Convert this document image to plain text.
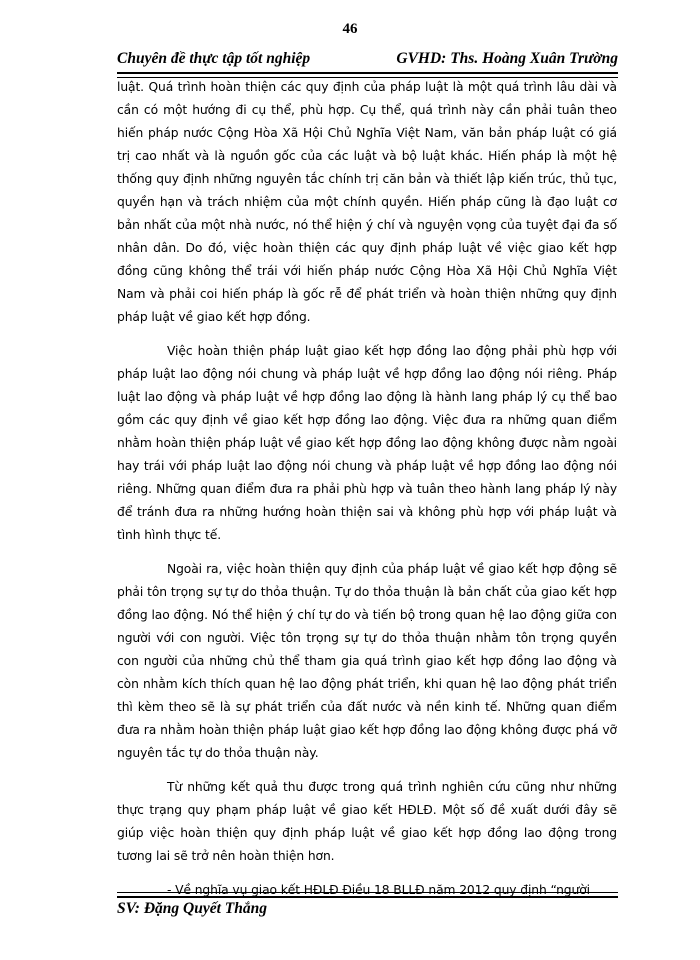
46
Chuyên đề thực tập tốt nghiệp	GVHD: Ths. Hoàng Xuân Trường

luật. Quá trình hoàn thiện các quy định của pháp luật là một quá trình lâu dài và cần có một hướng đi cụ thể, phù hợp. Cụ thể, quá trình này cần phải tuân theo hiến pháp nước Cộng Hòa Xã Hội Chủ Nghĩa Việt Nam, văn bản pháp luật có giá trị cao nhất và là nguồn gốc của các luật và bộ luật khác. Hiến pháp là một hệ thống quy định những nguyên tắc chính trị căn bản và thiết lập kiến trúc, thủ tục, quyền hạn và trách nhiệm của một chính quyền. Hiến pháp cũng là đạo luật cơ bản nhất của một nhà nước, nó thể hiện ý chí và nguyện vọng của tuyệt đại đa số nhân dân. Do đó, việc hoàn thiện các quy định pháp luật về việc giao kết hợp đồng cũng không thể trái với hiến pháp nước Cộng Hòa Xã Hội Chủ Nghĩa Việt Nam và phải coi hiến pháp là gốc rễ để phát triển và hoàn thiện những quy định pháp luật về giao kết hợp đồng.

Việc hoàn thiện pháp luật giao kết hợp đồng lao động phải phù hợp với pháp luật lao động nói chung và pháp luật về hợp đồng lao động nói riêng. Pháp luật lao động và pháp luật về hợp đồng lao động là hành lang pháp lý cụ thể bao gồm các quy định về giao kết hợp đồng lao động. Việc đưa ra những quan điểm nhằm hoàn thiện pháp luật về giao kết hợp đồng lao động không được nằm ngoài hay trái với pháp luật lao động nói chung và pháp luật về hợp đồng lao động nói riêng. Những quan điểm đưa ra phải phù hợp và tuân theo hành lang pháp lý này để tránh đưa ra những hướng hoàn thiện sai và không phù hợp với pháp luật và tình hình thực tế.

Ngoài ra, việc hoàn thiện quy định của pháp luật về giao kết hợp động sẽ phải tôn trọng sự tự do thỏa thuận. Tự do thỏa thuận là bản chất của giao kết hợp đồng lao động. Nó thể hiện ý chí tự do và tiến bộ trong quan hệ lao động giữa con người với con người. Việc tôn trọng sự tự do thỏa thuận nhằm tôn trọng quyền con người của những chủ thể tham gia quá trình giao kết hợp đồng lao động và còn nhằm kích thích quan hệ lao động phát triển, khi quan hệ lao động phát triển thì kèm theo sẽ là sự phát triển của đất nước và nền kinh tế. Những quan điểm đưa ra nhằm hoàn thiện pháp luật giao kết hợp đồng lao động không được phá vỡ nguyên tắc tự do thỏa thuận này.

Từ những kết quả thu được trong quá trình nghiên cứu cũng như những thực trạng quy phạm pháp luật về giao kết HĐLĐ. Một số đề xuất dưới đây sẽ giúp việc hoàn thiện quy định pháp luật về giao kết hợp đồng lao động trong tương lai sẽ trở nên hoàn thiện hơn.

- Về nghĩa vụ giao kết HĐLĐ Điều 18 BLLĐ năm 2012 quy định “người

SV: Đặng Quyết Thắng
